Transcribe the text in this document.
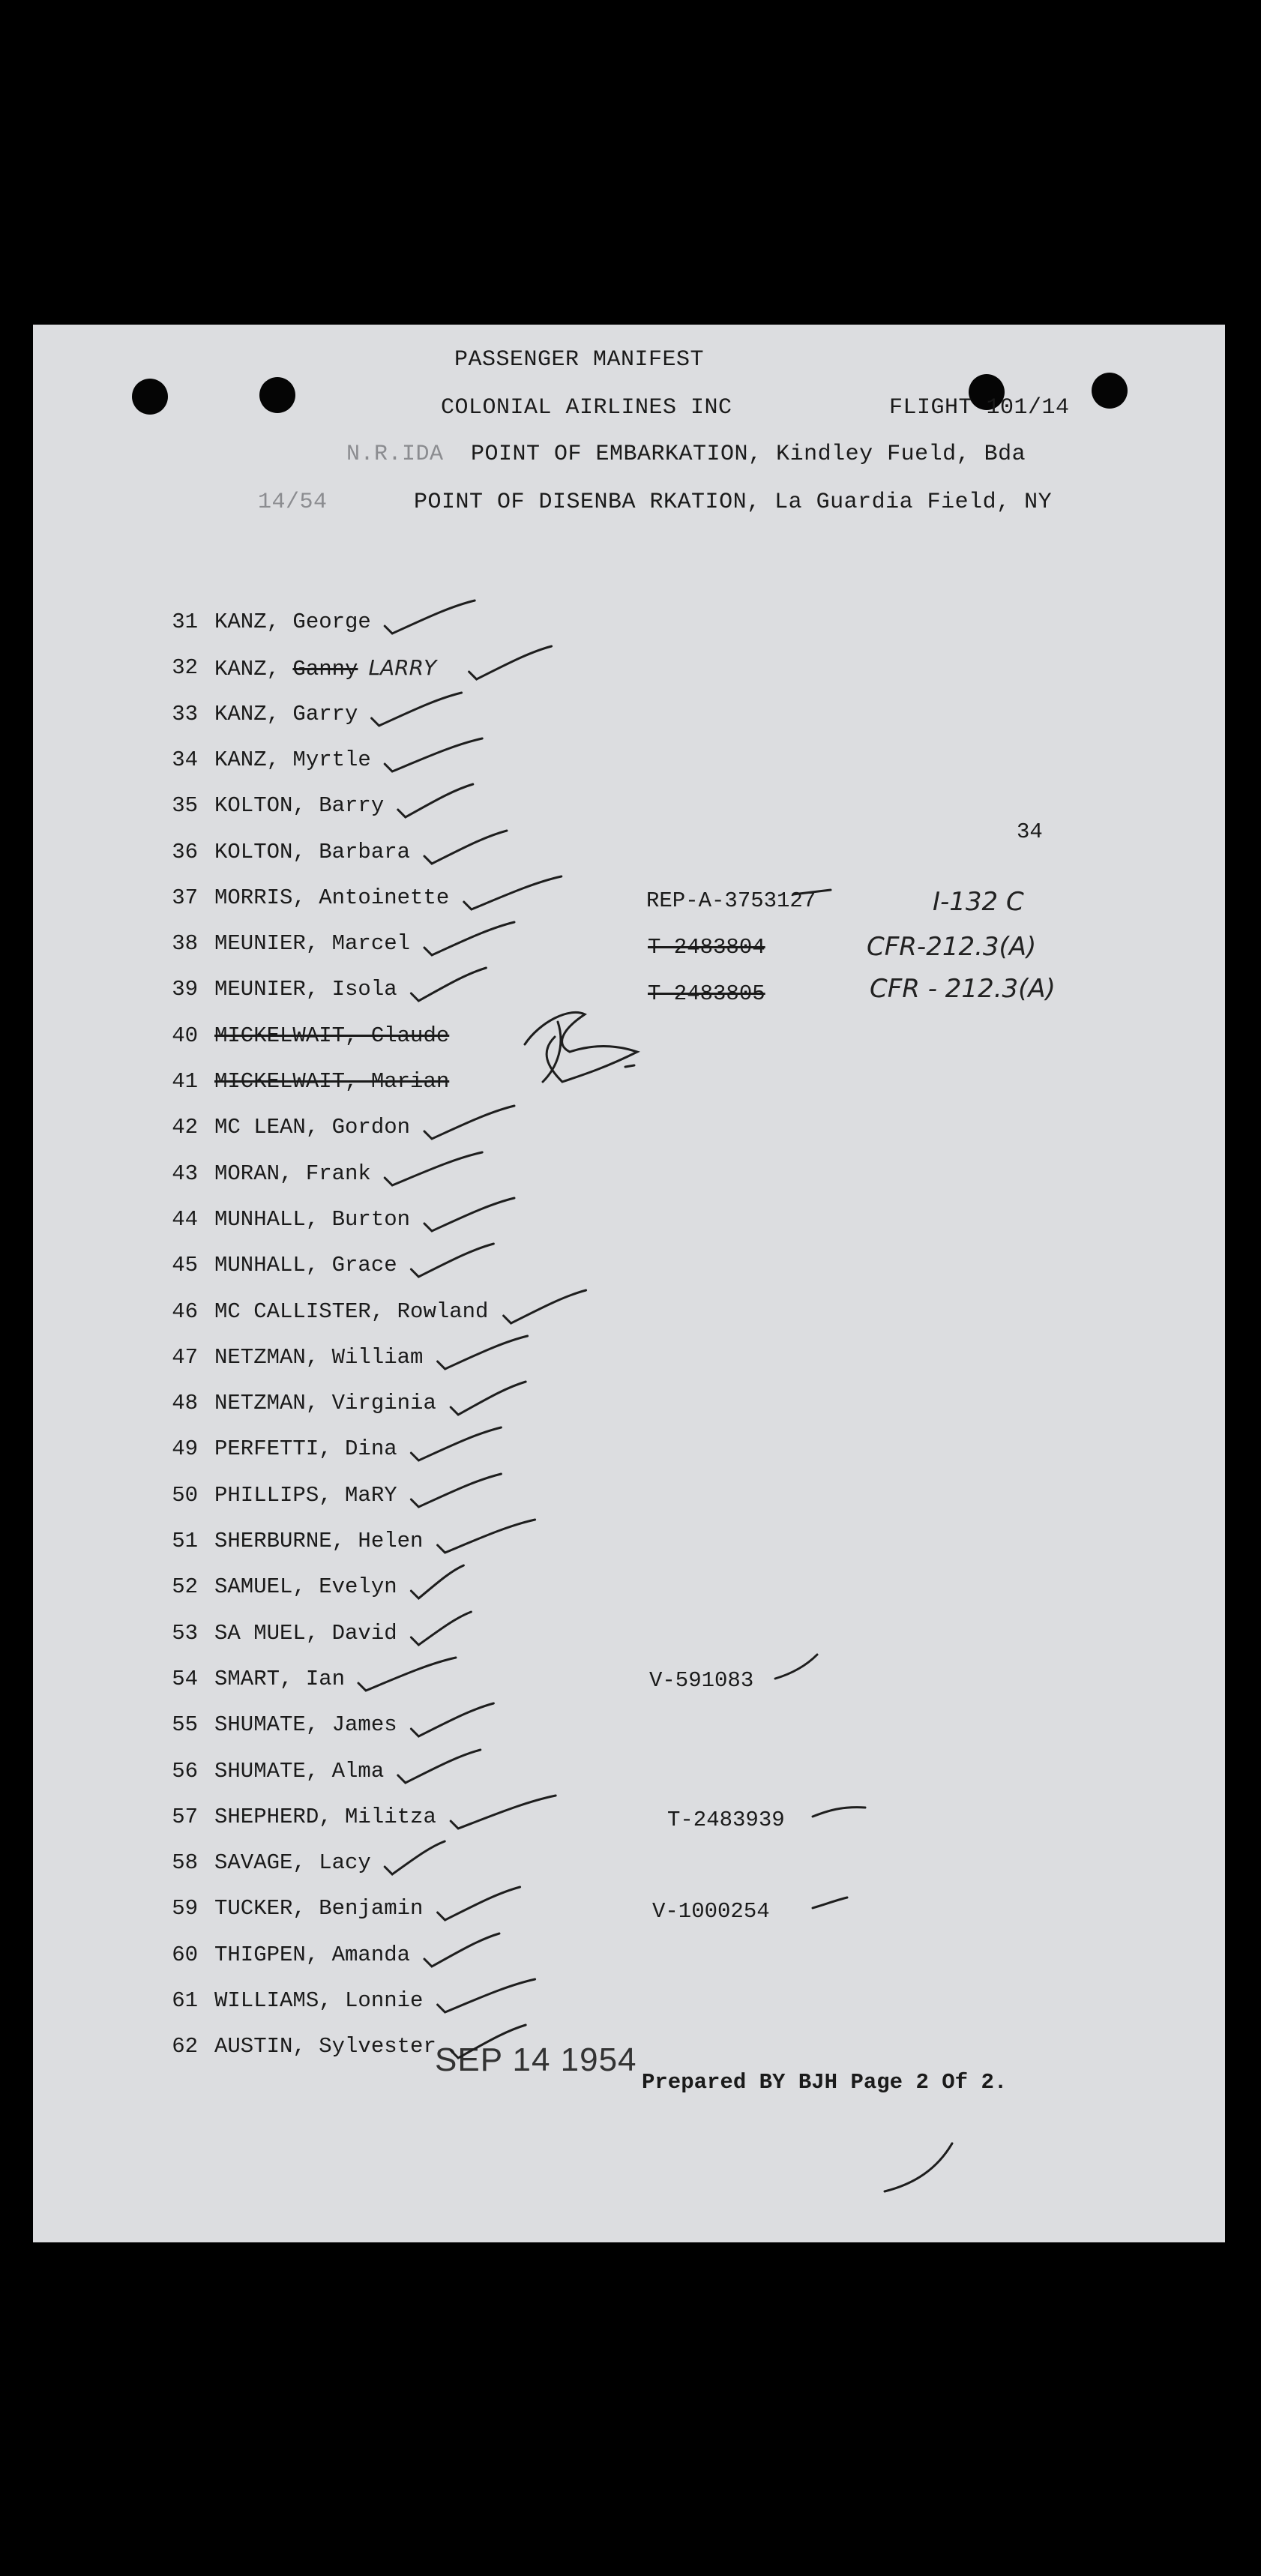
PASSENGER MANIFEST
COLONIAL AIRLINES INC	FLIGHT 101/14
N.R.IDA POINT OF EMBARKATION, Kindley Fueld, Bda
14/54	POINT OF DISENBA RKATION, La Guardia Field, NY
34
31 KANZ, George
32 KANZ, Ganny LARRY
33 KANZ, Garry
34 KANZ, Myrtle
35 KOLTON, Barry
36 KOLTON, Barbara
37 MORRIS, Antoinette
38 MEUNIER, Marcel
39 MEUNIER, Isola
40 MICKELWAIT, Claude
41 MICKELWAIT, Marian
42 MC LEAN, Gordon
43 MORAN, Frank
44 MUNHALL, Burton
45 MUNHALL, Grace
46 MC CALLISTER, Rowland
47 NETZMAN, William
48 NETZMAN, Virginia
49 PERFETTI, Dina
50 PHILLIPS, MaRY
51 SHERBURNE, Helen
52 SAMUEL, Evelyn
53 SA MUEL, David
54 SMART, Ian
55 SHUMATE, James
56 SHUMATE, Alma
57 SHEPHERD, Militza
58 SAVAGE, Lacy
59 TUCKER, Benjamin
60 THIGPEN, Amanda
61 WILLIAMS, Lonnie
62 AUSTIN, Sylvester
REP-A-3753127
T-2483804
T-2483805
V-591083
T-2483939
V-1000254
I-132 C
CFR-212.3(A)
CFR - 212.3(A)
SEP 14 1954
Prepared BY BJH Page 2 Of 2.
